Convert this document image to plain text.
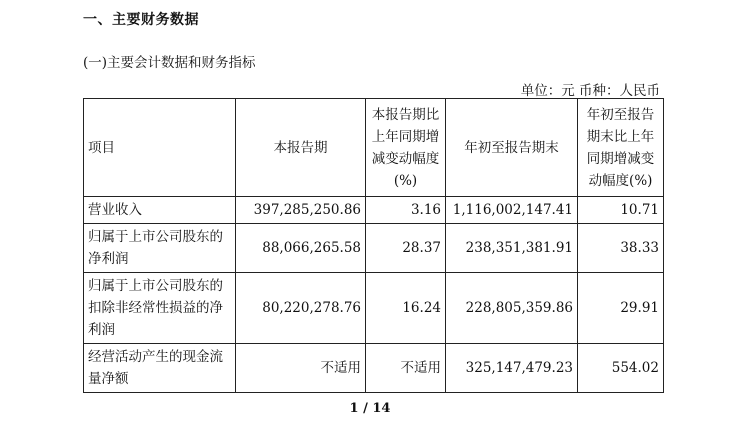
一、主要财务数据
(一)主要会计数据和财务指标
单位：元 币种：人民币
项目	本报告期	本报告期比上年同期增减变动幅度(%)	年初至报告期末	年初至报告期末比上年同期增减变动幅度(%)
营业收入	397,285,250.86	3.16	1,116,002,147.41	10.71
归属于上市公司股东的净利润	88,066,265.58	28.37	238,351,381.91	38.33
归属于上市公司股东的扣除非经常性损益的净利润	80,220,278.76	16.24	228,805,359.86	29.91
经营活动产生的现金流量净额	不适用	不适用	325,147,479.23	554.02
1 / 14
